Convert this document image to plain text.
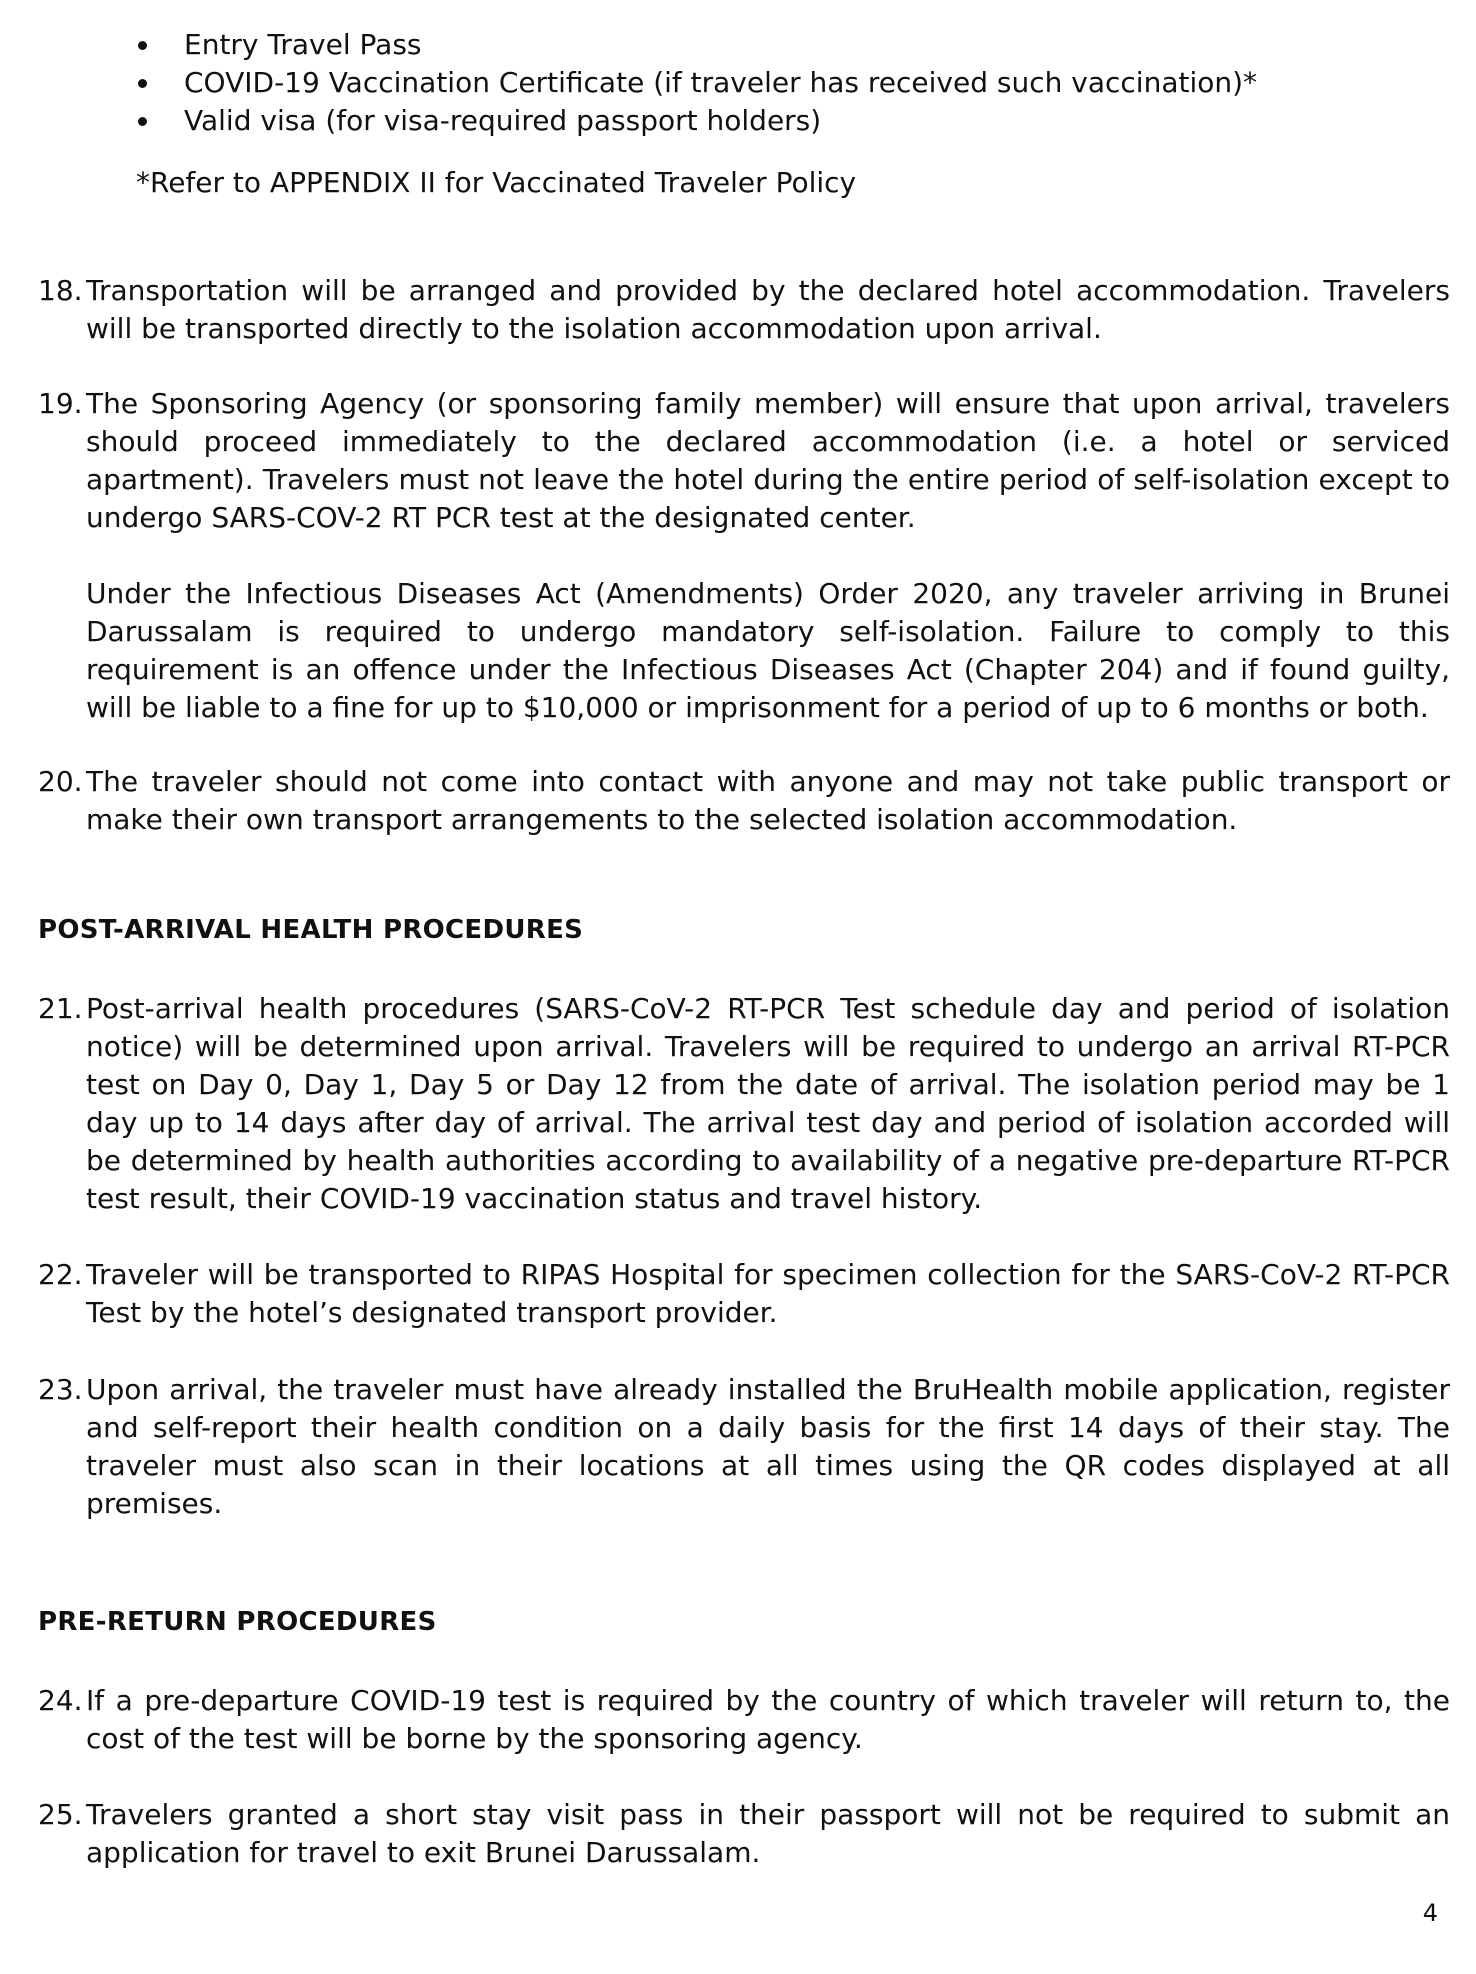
Entry Travel Pass
COVID-19 Vaccination Certificate (if traveler has received such vaccination)*
Valid visa (for visa-required passport holders)
*Refer to APPENDIX II for Vaccinated Traveler Policy
18. Transportation will be arranged and provided by the declared hotel accommodation. Travelers will be transported directly to the isolation accommodation upon arrival.

19. The Sponsoring Agency (or sponsoring family member) will ensure that upon arrival, travelers should proceed immediately to the declared accommodation (i.e. a hotel or serviced apartment). Travelers must not leave the hotel during the entire period of self-isolation except to undergo SARS-COV-2 RT PCR test at the designated center.

Under the Infectious Diseases Act (Amendments) Order 2020, any traveler arriving in Brunei Darussalam is required to undergo mandatory self-isolation. Failure to comply to this requirement is an offence under the Infectious Diseases Act (Chapter 204) and if found guilty, will be liable to a fine for up to $10,000 or imprisonment for a period of up to 6 months or both.

20. The traveler should not come into contact with anyone and may not take public transport or make their own transport arrangements to the selected isolation accommodation.

POST-ARRIVAL HEALTH PROCEDURES
21. Post-arrival health procedures (SARS-CoV-2 RT-PCR Test schedule day and period of isolation notice) will be determined upon arrival. Travelers will be required to undergo an arrival RT-PCR test on Day 0, Day 1, Day 5 or Day 12 from the date of arrival. The isolation period may be 1 day up to 14 days after day of arrival. The arrival test day and period of isolation accorded will be determined by health authorities according to availability of a negative pre-departure RT-PCR test result, their COVID-19 vaccination status and travel history.

22. Traveler will be transported to RIPAS Hospital for specimen collection for the SARS-CoV-2 RT-PCR Test by the hotel’s designated transport provider.

23. Upon arrival, the traveler must have already installed the BruHealth mobile application, register and self-report their health condition on a daily basis for the first 14 days of their stay. The traveler must also scan in their locations at all times using the QR codes displayed at all premises.

PRE-RETURN PROCEDURES
24. If a pre-departure COVID-19 test is required by the country of which traveler will return to, the cost of the test will be borne by the sponsoring agency.

25. Travelers granted a short stay visit pass in their passport will not be required to submit an application for travel to exit Brunei Darussalam.

4
